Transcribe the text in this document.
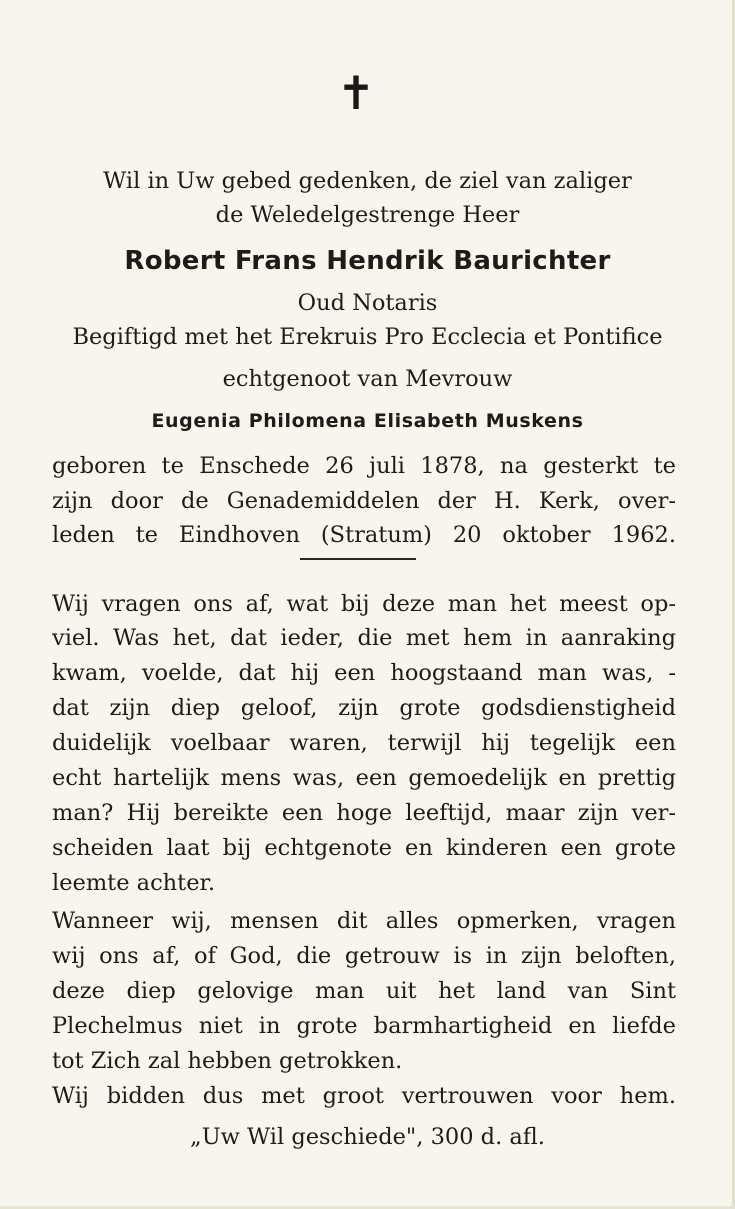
✝
Wil in Uw gebed gedenken, de ziel van zaliger
de Weledelgestrenge Heer
Robert Frans Hendrik Baurichter
Oud Notaris
Begiftigd met het Erekruis Pro Ecclecia et Pontifice
echtgenoot van Mevrouw
Eugenia Philomena Elisabeth Muskens
geboren te Enschede 26 juli 1878, na gesterkt te
zijn door de Genademiddelen der H. Kerk, over-
leden te Eindhoven (Stratum) 20 oktober 1962.
Wij vragen ons af, wat bij deze man het meest op-
viel. Was het, dat ieder, die met hem in aanraking
kwam, voelde, dat hij een hoogstaand man was, -
dat zijn diep geloof, zijn grote godsdienstigheid
duidelijk voelbaar waren, terwijl hij tegelijk een
echt hartelijk mens was, een gemoedelijk en prettig
man? Hij bereikte een hoge leeftijd, maar zijn ver-
scheiden laat bij echtgenote en kinderen een grote
leemte achter.
Wanneer wij, mensen dit alles opmerken, vragen
wij ons af, of God, die getrouw is in zijn beloften,
deze diep gelovige man uit het land van Sint
Plechelmus niet in grote barmhartigheid en liefde
tot Zich zal hebben getrokken.
Wij bidden dus met groot vertrouwen voor hem.
„Uw Wil geschiede", 300 d. afl.
